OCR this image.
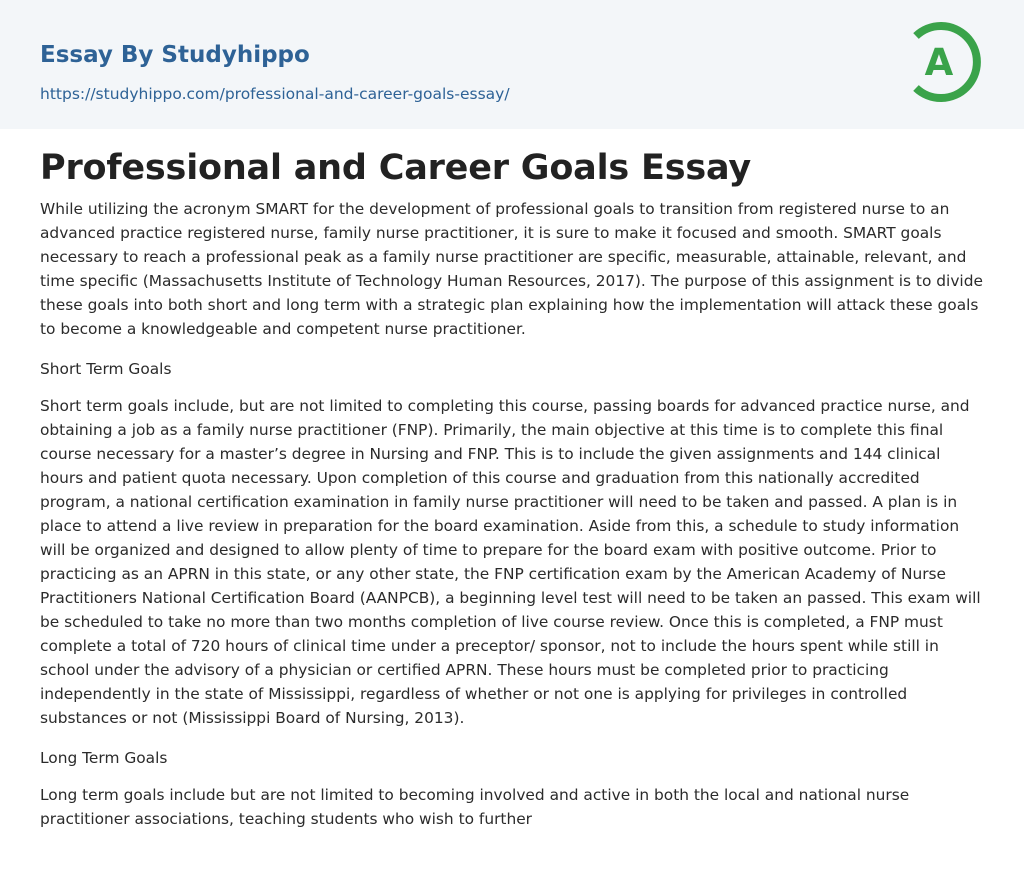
Essay By Studyhippo
https://studyhippo.com/professional-and-career-goals-essay/
A
Professional and Career Goals Essay

While utilizing the acronym SMART for the development of professional goals to transition from registered nurse to an advanced practice registered nurse, family nurse practitioner, it is sure to make it focused and smooth. SMART goals necessary to reach a professional peak as a family nurse practitioner are specific, measurable, attainable, relevant, and time specific (Massachusetts Institute of Technology Human Resources, 2017). The purpose of this assignment is to divide these goals into both short and long term with a strategic plan explaining how the implementation will attack these goals to become a knowledgeable and competent nurse practitioner.

Short Term Goals

Short term goals include, but are not limited to completing this course, passing boards for advanced practice nurse, and obtaining a job as a family nurse practitioner (FNP). Primarily, the main objective at this time is to complete this final course necessary for a master’s degree in Nursing and FNP. This is to include the given assignments and 144 clinical hours and patient quota necessary. Upon completion of this course and graduation from this nationally accredited program, a national certification examination in family nurse practitioner will need to be taken and passed. A plan is in place to attend a live review in preparation for the board examination. Aside from this, a schedule to study information will be organized and designed to allow plenty of time to prepare for the board exam with positive outcome. Prior to practicing as an APRN in this state, or any other state, the FNP certification exam by the American Academy of Nurse Practitioners National Certification Board (AANPCB), a beginning level test will need to be taken an passed. This exam will be scheduled to take no more than two months completion of live course review. Once this is completed, a FNP must complete a total of 720 hours of clinical time under a preceptor/ sponsor, not to include the hours spent while still in school under the advisory of a physician or certified APRN. These hours must be completed prior to practicing independently in the state of Mississippi, regardless of whether or not one is applying for privileges in controlled substances or not (Mississippi Board of Nursing, 2013).

Long Term Goals

Long term goals include but are not limited to becoming involved and active in both the local and national nurse practitioner associations, teaching students who wish to further
